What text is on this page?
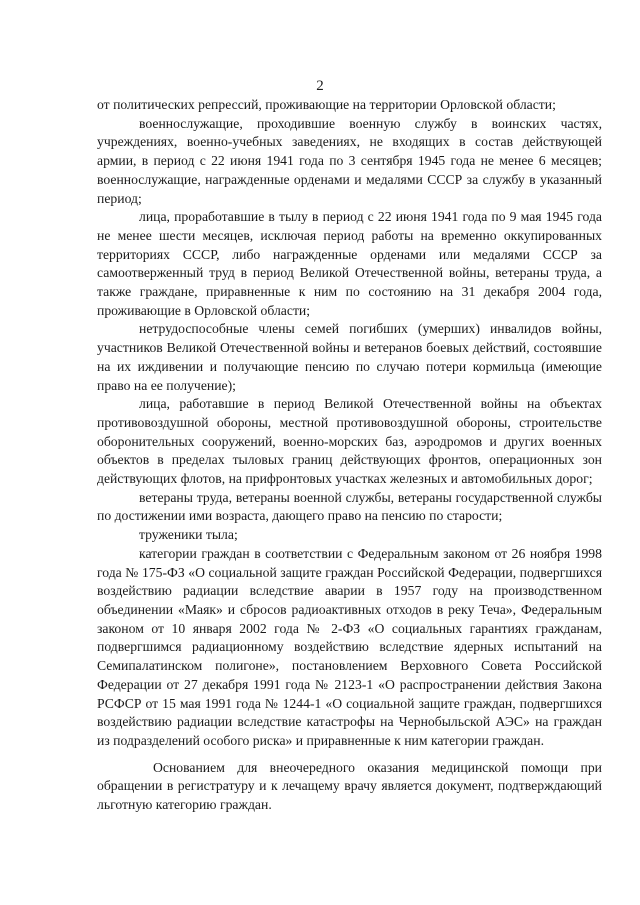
2

от политических репрессий, проживающие на территории Орловской области;

военнослужащие, проходившие военную службу в воинских частях, учреждениях, военно-учебных заведениях, не входящих в состав действующей армии, в период с 22 июня 1941 года по 3 сентября 1945 года не менее 6 месяцев; военнослужащие, награжденные орденами и медалями СССР за службу в указанный период;

лица, проработавшие в тылу в период с 22 июня 1941 года по 9 мая 1945 года не менее шести месяцев, исключая период работы на временно оккупированных территориях СССР, либо награжденные орденами или медалями СССР за самоотверженный труд в период Великой Отечественной войны, ветераны труда, а также граждане, приравненные к ним по состоянию на 31 декабря 2004 года, проживающие в Орловской области;

нетрудоспособные члены семей погибших (умерших) инвалидов войны, участников Великой Отечественной войны и ветеранов боевых действий, состоявшие на их иждивении и получающие пенсию по случаю потери кормильца (имеющие право на ее получение);

лица, работавшие в период Великой Отечественной войны на объектах противовоздушной обороны, местной противовоздушной обороны, строительстве оборонительных сооружений, военно-морских баз, аэродромов и других военных объектов в пределах тыловых границ действующих фронтов, операционных зон действующих флотов, на прифронтовых участках железных и автомобильных дорог;

ветераны труда, ветераны военной службы, ветераны государственной службы по достижении ими возраста, дающего право на пенсию по старости;

труженики тыла;

категории граждан в соответствии с Федеральным законом от 26 ноября 1998 года № 175-ФЗ «О социальной защите граждан Российской Федерации, подвергшихся воздействию радиации вследствие аварии в 1957 году на производственном объединении «Маяк» и сбросов радиоактивных отходов в реку Теча», Федеральным законом от 10 января 2002 года № 2-ФЗ «О социальных гарантиях гражданам, подвергшимся радиационному воздействию вследствие ядерных испытаний на Семипалатинском полигоне», постановлением Верховного Совета Российской Федерации от 27 декабря 1991 года № 2123-1 «О распространении действия Закона РСФСР от 15 мая 1991 года № 1244-1 «О социальной защите граждан, подвергшихся воздействию радиации вследствие катастрофы на Чернобыльской АЭС» на граждан из подразделений особого риска» и приравненные к ним категории граждан.

Основанием для внеочередного оказания медицинской помощи при обращении в регистратуру и к лечащему врачу является документ, подтверждающий льготную категорию граждан.
